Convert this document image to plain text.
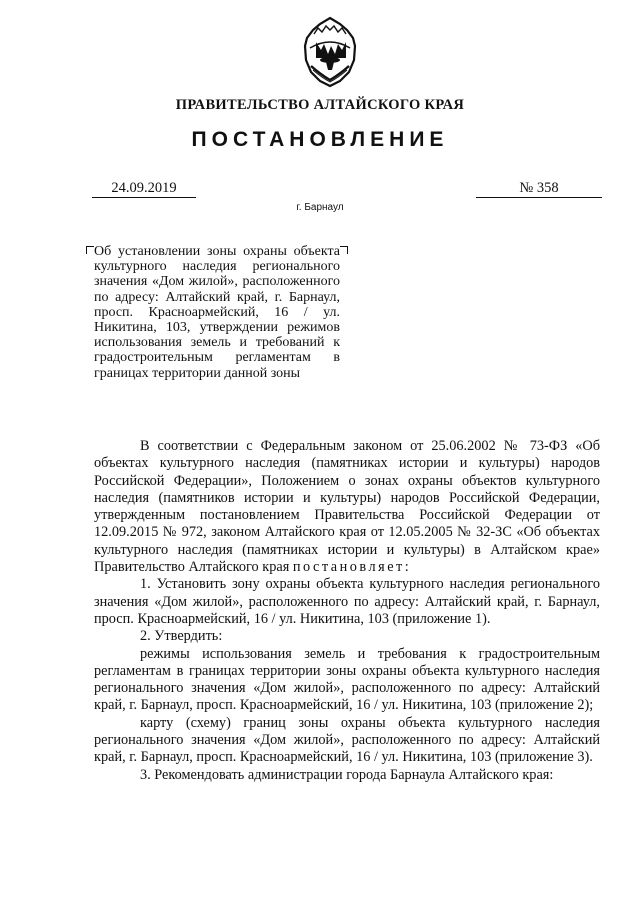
ПРАВИТЕЛЬСТВО АЛТАЙСКОГО КРАЯ
ПОСТАНОВЛЕНИЕ
24.09.2019	№ 358
г. Барнаул
Об установлении зоны охраны объекта культурного наследия регионального значения «Дом жилой», расположенного по адресу: Алтайский край, г. Барнаул, просп. Красноармейский, 16 / ул. Никитина, 103, утверждении режимов использования земель и требований к градостроительным регламентам в границах территории данной зоны

В соответствии с Федеральным законом от 25.06.2002 № 73-ФЗ «Об объектах культурного наследия (памятниках истории и культуры) народов Российской Федерации», Положением о зонах охраны объектов культурного наследия (памятников истории и культуры) народов Российской Федерации, утвержденным постановлением Правительства Российской Федерации от 12.09.2015 № 972, законом Алтайского края от 12.05.2005 № 32-ЗС «Об объектах культурного наследия (памятниках истории и культуры) в Алтайском крае» Правительство Алтайского края постановляет:

1. Установить зону охраны объекта культурного наследия регионального значения «Дом жилой», расположенного по адресу: Алтайский край, г. Барнаул, просп. Красноармейский, 16 / ул. Никитина, 103 (приложение 1).

2. Утвердить:

режимы использования земель и требования к градостроительным регламентам в границах территории зоны охраны объекта культурного наследия регионального значения «Дом жилой», расположенного по адресу: Алтайский край, г. Барнаул, просп. Красноармейский, 16 / ул. Никитина, 103 (приложение 2);

карту (схему) границ зоны охраны объекта культурного наследия регионального значения «Дом жилой», расположенного по адресу: Алтайский край, г. Барнаул, просп. Красноармейский, 16 / ул. Никитина, 103 (приложение 3).

3. Рекомендовать администрации города Барнаула Алтайского края:
